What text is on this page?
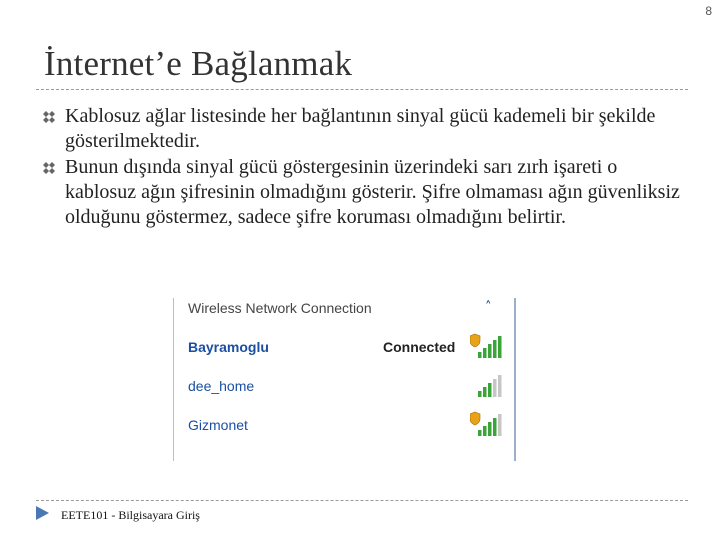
8
İnternet’e Bağlanmak
Kablosuz ağlar listesinde her bağlantının sinyal gücü kademeli bir şekilde gösterilmektedir.
Bunun dışında sinyal gücü göstergesinin üzerindeki sarı zırh işareti o kablosuz ağın şifresinin olmadığını gösterir. Şifre olmaması ağın güvenliksiz olduğunu göstermez, sadece şifre koruması olmadığını belirtir.
Wireless Network Connection	˄
Bayramoglu	Connected
dee_home
Gizmonet
EETE101 - Bilgisayara Giriş
